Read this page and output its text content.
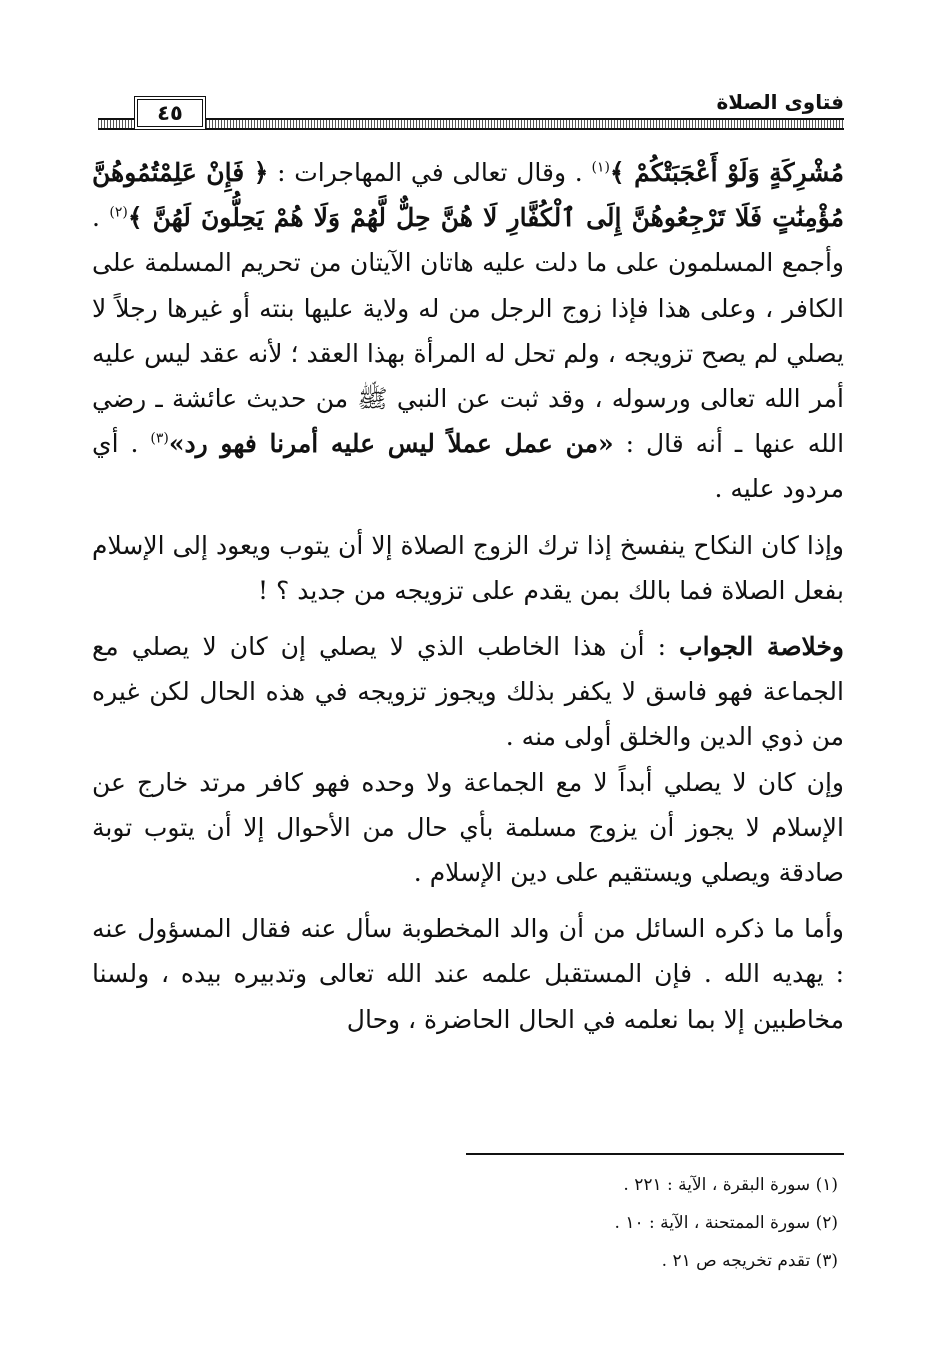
٤٥	فتاوى الصلاة

مُشْرِكَةٍ وَلَوْ أَعْجَبَتْكُمْ ﴾$^{(١)}$ . وقال تعالى في المهاجرات : ﴿ فَإِنْ عَلِمْتُمُوهُنَّ مُؤْمِنَٰتٍ فَلَا تَرْجِعُوهُنَّ إِلَى ٱلْكُفَّارِ لَا هُنَّ حِلٌّ لَّهُمْ وَلَا هُمْ يَحِلُّونَ لَهُنَّ ﴾$^{(٢)}$ . وأجمع المسلمون على ما دلت عليه هاتان الآيتان من تحريم المسلمة على الكافر ، وعلى هذا فإذا زوج الرجل من له ولاية عليها بنته أو غيرها رجلاً لا يصلي لم يصح تزويجه ، ولم تحل له المرأة بهذا العقد ؛ لأنه عقد ليس عليه أمر الله تعالى ورسوله ، وقد ثبت عن النبي ﷺ من حديث عائشة ـ رضي الله عنها ـ أنه قال : «من عمل عملاً ليس عليه أمرنا فهو رد»$^{(٣)}$ . أي مردود عليه .

وإذا كان النكاح ينفسخ إذا ترك الزوج الصلاة إلا أن يتوب ويعود إلى الإسلام بفعل الصلاة فما بالك بمن يقدم على تزويجه من جديد ؟ !

وخلاصة الجواب : أن هذا الخاطب الذي لا يصلي إن كان لا يصلي مع الجماعة فهو فاسق لا يكفر بذلك ويجوز تزويجه في هذه الحال لكن غيره من ذوي الدين والخلق أولى منه .

وإن كان لا يصلي أبداً لا مع الجماعة ولا وحده فهو كافر مرتد خارج عن الإسلام لا يجوز أن يزوج مسلمة بأي حال من الأحوال إلا أن يتوب توبة صادقة ويصلي ويستقيم على دين الإسلام .

وأما ما ذكره السائل من أن والد المخطوبة سأل عنه فقال المسؤول عنه : يهديه الله . فإن المستقبل علمه عند الله تعالى وتدبيره بيده ، ولسنا مخاطبين إلا بما نعلمه في الحال الحاضرة ، وحال

(١) سورة البقرة ، الآية : ٢٢١ .
(٢) سورة الممتحنة ، الآية : ١٠ .
(٣) تقدم تخريجه ص ٢١ .
